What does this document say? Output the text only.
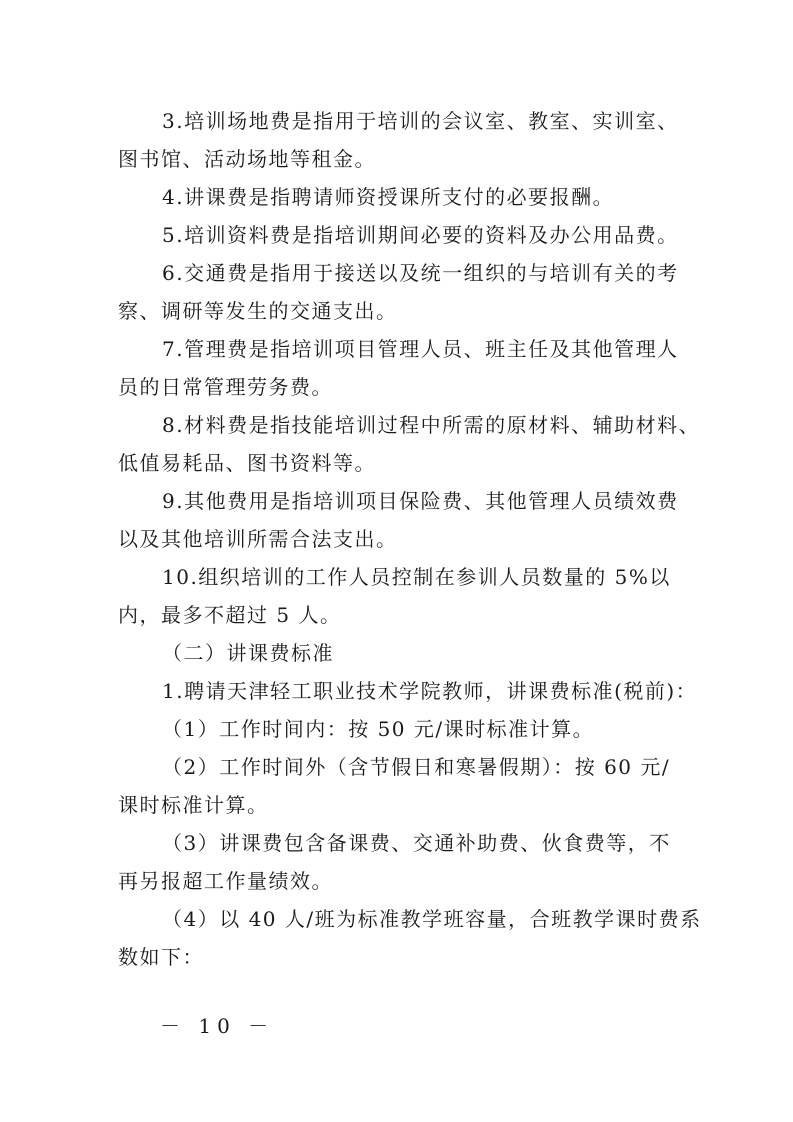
3.培训场地费是指用于培训的会议室、教室、实训室、
图书馆、活动场地等租金。
4.讲课费是指聘请师资授课所支付的必要报酬。
5.培训资料费是指培训期间必要的资料及办公用品费。
6.交通费是指用于接送以及统一组织的与培训有关的考
察、调研等发生的交通支出。
7.管理费是指培训项目管理人员、班主任及其他管理人
员的日常管理劳务费。
8.材料费是指技能培训过程中所需的原材料、辅助材料、
低值易耗品、图书资料等。
9.其他费用是指培训项目保险费、其他管理人员绩效费
以及其他培训所需合法支出。
10.组织培训的工作人员控制在参训人员数量的 5%以
内，最多不超过 5 人。
（二）讲课费标准
1.聘请天津轻工职业技术学院教师，讲课费标准(税前)：
（1）工作时间内：按 50 元/课时标准计算。
（2）工作时间外（含节假日和寒暑假期）：按 60 元/
课时标准计算。
（3）讲课费包含备课费、交通补助费、伙食费等，不
再另报超工作量绩效。
（4）以 40 人/班为标准教学班容量，合班教学课时费系
数如下：
－ 10 －
